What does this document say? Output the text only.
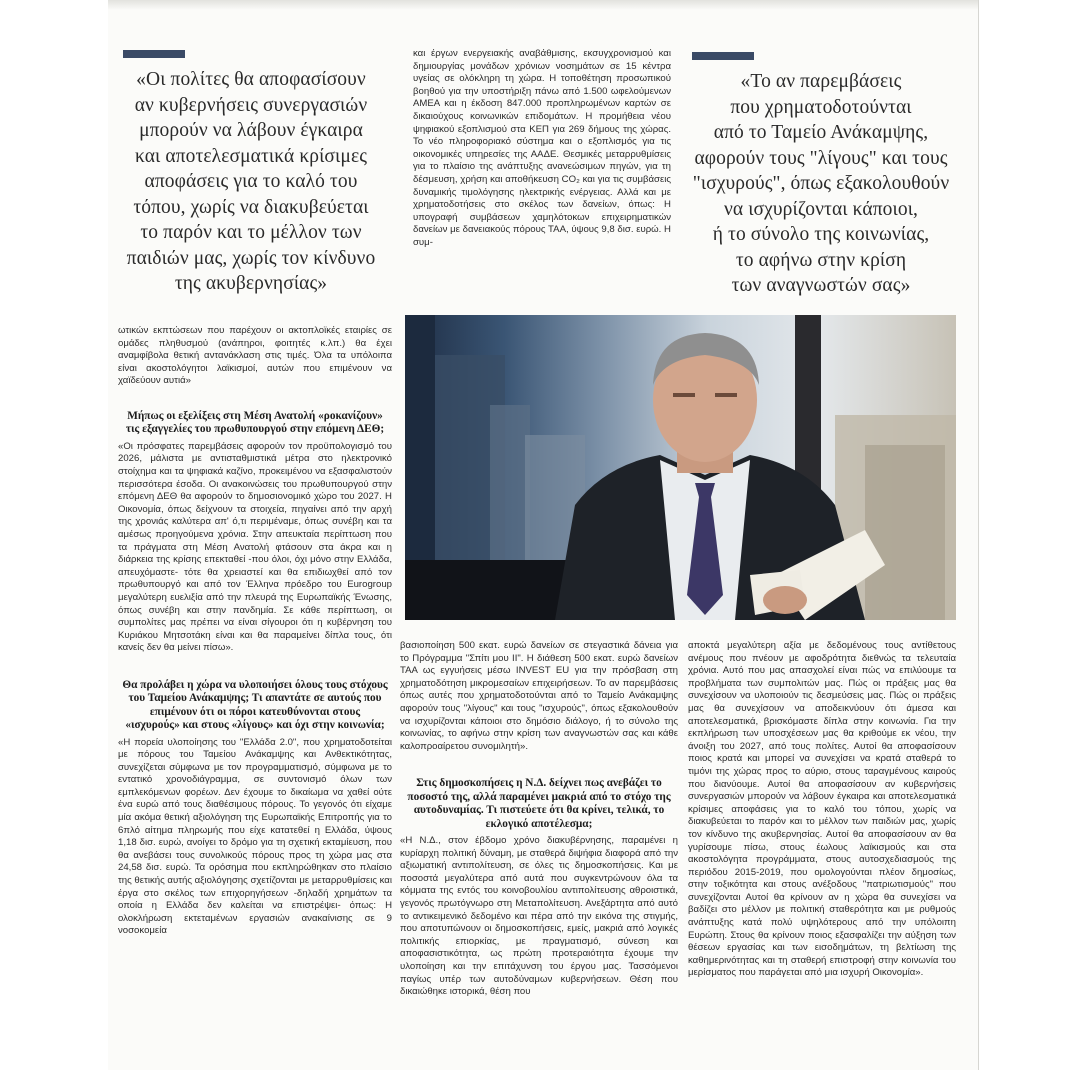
«Οι πολίτες θα αποφασίσουν
αν κυβερνήσεις συνεργασιών
μπορούν να λάβουν έγκαιρα
και αποτελεσματικά κρίσιμες
αποφάσεις για το καλό του
τόπου, χωρίς να διακυβεύεται
το παρόν και το μέλλον των
παιδιών μας, χωρίς τον κίνδυνο
της ακυβερνησίας»
«Το αν παρεμβάσεις
που χρηματοδοτούνται
από το Ταμείο Ανάκαμψης,
αφορούν τους "λίγους" και τους
"ισχυρούς", όπως εξακολουθούν
να ισχυρίζονται κάποιοι,
ή το σύνολο της κοινωνίας,
το αφήνω στην κρίση
των αναγνωστών σας»

και έργων ενεργειακής αναβάθμισης, εκσυγχρονισμού και δημιουργίας μονάδων χρόνιων νοσημάτων σε 15 κέντρα υγείας σε ολόκληρη τη χώρα. Η τοποθέτηση προσωπικού βοηθού για την υποστήριξη πάνω από 1.500 ωφελούμενων ΑΜΕΑ και η έκδοση 847.000 προπληρωμένων καρτών σε δικαιούχους κοινωνικών επιδομάτων. Η προμήθεια νέου ψηφιακού εξοπλισμού στα ΚΕΠ για 269 δήμους της χώρας. Το νέο πληροφοριακό σύστημα και ο εξοπλισμός για τις οικονομικές υπηρεσίες της ΑΑΔΕ. Θεσμικές μεταρρυθμίσεις για το πλαίσιο της ανάπτυξης ανανεώσιμων πηγών, για τη δέσμευση, χρήση και αποθήκευση CO₂ και για τις συμβάσεις δυναμικής τιμολόγησης ηλεκτρικής ενέργειας. Αλλά και με χρηματοδοτήσεις στο σκέλος των δανείων, όπως: Η υπογραφή συμβάσεων χαμηλότοκων επιχειρηματικών δανείων με δανειακούς πόρους ΤΑΑ, ύψους 9,8 δισ. ευρώ. Η συμ-

ωτικών εκπτώσεων που παρέχουν οι ακτοπλοϊκές εταιρίες σε ομάδες πληθυσμού (ανάπηροι, φοιτητές κ.λπ.) θα έχει αναμφίβολα θετική αντανάκλαση στις τιμές. Όλα τα υπόλοιπα είναι ακοστολόγητοι λαϊκισμοί, αυτών που επιμένουν να χαϊδεύουν αυτιά»

Μήπως οι εξελίξεις στη Μέση Ανατολή «ροκανίζουν» τις εξαγγελίες του πρωθυπουργού στην επόμενη ΔΕΘ;

«Οι πρόσφατες παρεμβάσεις αφορούν τον προϋπολογισμό του 2026, μάλιστα με αντισταθμιστικά μέτρα στο ηλεκτρονικό στοίχημα και τα ψηφιακά καζίνο, προκειμένου να εξασφαλιστούν περισσότερα έσοδα. Οι ανακοινώσεις του πρωθυπουργού στην επόμενη ΔΕΘ θα αφορούν το δημοσιονομικό χώρο του 2027. Η Οικονομία, όπως δείχνουν τα στοιχεία, πηγαίνει από την αρχή της χρονιάς καλύτερα απ' ό,τι περιμέναμε, όπως συνέβη και τα αμέσως προηγούμενα χρόνια. Στην απευκταία περίπτωση που τα πράγματα στη Μέση Ανατολή φτάσουν στα άκρα και η διάρκεια της κρίσης επεκταθεί -που όλοι, όχι μόνο στην Ελλάδα, απευχόμαστε- τότε θα χρειαστεί και θα επιδιωχθεί από τον πρωθυπουργό και από τον Έλληνα πρόεδρο του Eurogroup μεγαλύτερη ευελιξία από την πλευρά της Ευρωπαϊκής Ένωσης, όπως συνέβη και στην πανδημία. Σε κάθε περίπτωση, οι συμπολίτες μας πρέπει να είναι σίγουροι ότι η κυβέρνηση του Κυριάκου Μητσοτάκη είναι και θα παραμείνει δίπλα τους, ότι κανείς δεν θα μείνει πίσω».

Θα προλάβει η χώρα να υλοποιήσει όλους τους στόχους του Ταμείου Ανάκαμψης; Τι απαντάτε σε αυτούς που επιμένουν ότι οι πόροι κατευθύνονται στους «ισχυρούς» και στους «λίγους» και όχι στην κοινωνία;

«Η πορεία υλοποίησης του "Ελλάδα 2.0", που χρηματοδοτείται με πόρους του Ταμείου Ανάκαμψης και Ανθεκτικότητας, συνεχίζεται σύμφωνα με τον προγραμματισμό, σύμφωνα με το εντατικό χρονοδιάγραμμα, σε συντονισμό όλων των εμπλεκόμενων φορέων. Δεν έχουμε το δικαίωμα να χαθεί ούτε ένα ευρώ από τους διαθέσιμους πόρους. Το γεγονός ότι είχαμε μία ακόμα θετική αξιολόγηση της Ευρωπαϊκής Επιτροπής για το 6πλό αίτημα πληρωμής που είχε κατατεθεί η Ελλάδα, ύψους 1,18 δισ. ευρώ, ανοίγει το δρόμο για τη σχετική εκταμίευση, που θα ανεβάσει τους συνολικούς πόρους προς τη χώρα μας στα 24,58 δισ. ευρώ. Τα ορόσημα που εκπληρώθηκαν στο πλαίσιο της θετικής αυτής αξιολόγησης σχετίζονται με μεταρρυθμίσεις και έργα στο σκέλος των επιχορηγήσεων -δηλαδή χρημάτων τα οποία η Ελλάδα δεν καλείται να επιστρέψει- όπως: Η ολοκλήρωση εκτεταμένων εργασιών ανακαίνισης σε 9 νοσοκομεία

βασιοποίηση 500 εκατ. ευρώ δανείων σε στεγαστικά δάνεια για το Πρόγραμμα "Σπίτι μου ΙΙ". Η διάθεση 500 εκατ. ευρώ δανείων ΤΑΑ ως εγγυήσεις μέσω INVEST EU για την πρόσβαση στη χρηματοδότηση μικρομεσαίων επιχειρήσεων. Το αν παρεμβάσεις όπως αυτές που χρηματοδοτούνται από το Ταμείο Ανάκαμψης αφορούν τους "λίγους" και τους "ισχυρούς", όπως εξακολουθούν να ισχυρίζονται κάποιοι στο δημόσιο διάλογο, ή το σύνολο της κοινωνίας, το αφήνω στην κρίση των αναγνωστών σας και κάθε καλοπροαίρετου συνομιλητή».

Στις δημοσκοπήσεις η Ν.Δ. δείχνει πως ανεβάζει το ποσοστό της, αλλά παραμένει μακριά από το στόχο της αυτοδυναμίας. Τι πιστεύετε ότι θα κρίνει, τελικά, το εκλογικό αποτέλεσμα;

«Η Ν.Δ., στον έβδομο χρόνο διακυβέρνησης, παραμένει η κυρίαρχη πολιτική δύναμη, με σταθερά διψήφια διαφορά από την αξιωματική αντιπολίτευση, σε όλες τις δημοσκοπήσεις. Και με ποσοστά μεγαλύτερα από αυτά που συγκεντρώνουν όλα τα κόμματα της εντός του κοινοβουλίου αντιπολίτευσης αθροιστικά, γεγονός πρωτόγνωρο στη Μεταπολίτευση. Ανεξάρτητα από αυτό το αντικειμενικό δεδομένο και πέρα από την εικόνα της στιγμής, που αποτυπώνουν οι δημοσκοπήσεις, εμείς, μακριά από λογικές πολιτικής επιορκίας, με πραγματισμό, σύνεση και αποφασιστικότητα, ως πρώτη προτεραιότητα έχουμε την υλοποίηση και την επιτάχυνση του έργου μας. Τασσόμενοι παγίως υπέρ των αυτοδύναμων κυβερνήσεων. Θέση που δικαιώθηκε ιστορικά, θέση που

αποκτά μεγαλύτερη αξία με δεδομένους τους αντίθετους ανέμους που πνέουν με αφοδρότητα διεθνώς τα τελευταία χρόνια. Αυτό που μας απασχολεί είναι πώς να επιλύουμε τα προβλήματα των συμπολιτών μας. Πώς οι πράξεις μας θα συνεχίσουν να υλοποιούν τις δεσμεύσεις μας. Πώς οι πράξεις μας θα συνεχίσουν να αποδεικνύουν ότι άμεσα και αποτελεσματικά, βρισκόμαστε δίπλα στην κοινωνία. Για την εκπλήρωση των υποσχέσεων μας θα κριθούμε εκ νέου, την άνοιξη του 2027, από τους πολίτες. Αυτοί θα αποφασίσουν ποιος κρατά και μπορεί να συνεχίσει να κρατά σταθερά το τιμόνι της χώρας προς το αύριο, στους ταραγμένους καιρούς που διανύουμε. Αυτοί θα αποφασίσουν αν κυβερνήσεις συνεργασιών μπορούν να λάβουν έγκαιρα και αποτελεσματικά κρίσιμες αποφάσεις για το καλό του τόπου, χωρίς να διακυβεύεται το παρόν και το μέλλον των παιδιών μας, χωρίς τον κίνδυνο της ακυβερνησίας. Αυτοί θα αποφασίσουν αν θα γυρίσουμε πίσω, στους έωλους λαϊκισμούς και στα ακοστολόγητα προγράμματα, στους αυτοσχεδιασμούς της περιόδου 2015-2019, που ομολογούνται πλέον δημοσίως, στην τοξικότητα και στους ανέξοδους "πατριωτισμούς" που συνεχίζονται Αυτοί θα κρίνουν αν η χώρα θα συνεχίσει να βαδίζει στο μέλλον με πολιτική σταθερότητα και με ρυθμούς ανάπτυξης κατά πολύ υψηλότερους από την υπόλοιπη Ευρώπη. Στους θα κρίνουν ποιος εξασφαλίζει την αύξηση των θέσεων εργασίας και των εισοδημάτων, τη βελτίωση της καθημερινότητας και τη σταθερή επιστροφή στην κοινωνία του μερίσματος που παράγεται από μια ισχυρή Οικονομία».
